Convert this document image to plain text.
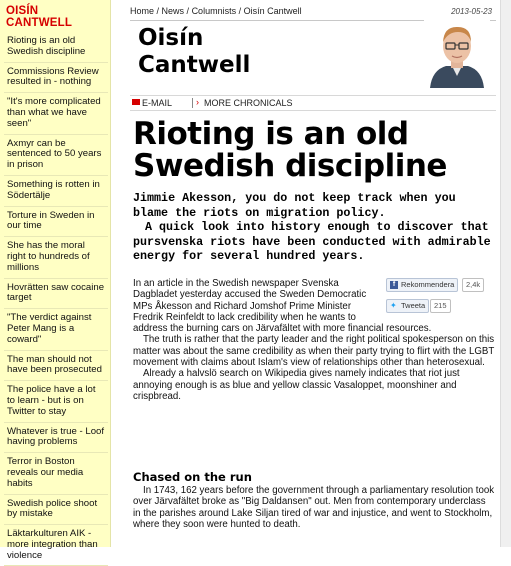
OISÍN
CANTWELL
Rioting is an old Swedish discipline
Commissions Review resulted in - nothing
"It's more complicated than what we have seen"
Axmyr can be sentenced to 50 years in prison
Something is rotten in Södertälje
Torture in Sweden in our time
She has the moral right to hundreds of millions
Hovrätten saw cocaine target
"The verdict against Peter Mang is a coward"
The man should not have been prosecuted
The police have a lot to learn - but is on Twitter to stay
Whatever is true - Loof having problems
Terror in Boston reveals our media habits
Swedish police shoot by mistake
Läktarkulturen AIK - more integration than violence
Home / News / Columnists / Oisín Cantwell	2013-05-23
Oisín
Cantwell
E-MAIL	› MORE CHRONICALS
Rioting is an old Swedish discipline

Jimmie Akesson, you do not keep track when you blame the riots on migration policy.

A quick look into history enough to discover that pursvenska riots have been conducted with admirable energy for several hundred years.

f Rekommendera	2,4k
✦ Tweeta	215

In an article in the Swedish newspaper Svenska Dagbladet yesterday accused the Sweden Democratic MPs Åkesson and Richard Jomshof Prime Minister Fredrik Reinfeldt to lack credibility when he wants to address the burning cars on Järvafältet with more financial resources.

The truth is rather that the party leader and the right political spokesperson on this matter was about the same credibility as when their party trying to flirt with the LGBT movement with claims about Islam's view of relationships other than heterosexual.

Already a halvslö search on Wikipedia gives namely indicates that riot just annoying enough is as blue and yellow classic Vasaloppet, moonshiner and crispbread.

Chased on the run

In 1743, 162 years before the government through a parliamentary resolution took over Järvafältet broke as "Big Daldansen" out. Men from contemporary underclass in the parishes around Lake Siljan tired of war and injustice, and went to Stockholm, where they soon were hunted to death.
